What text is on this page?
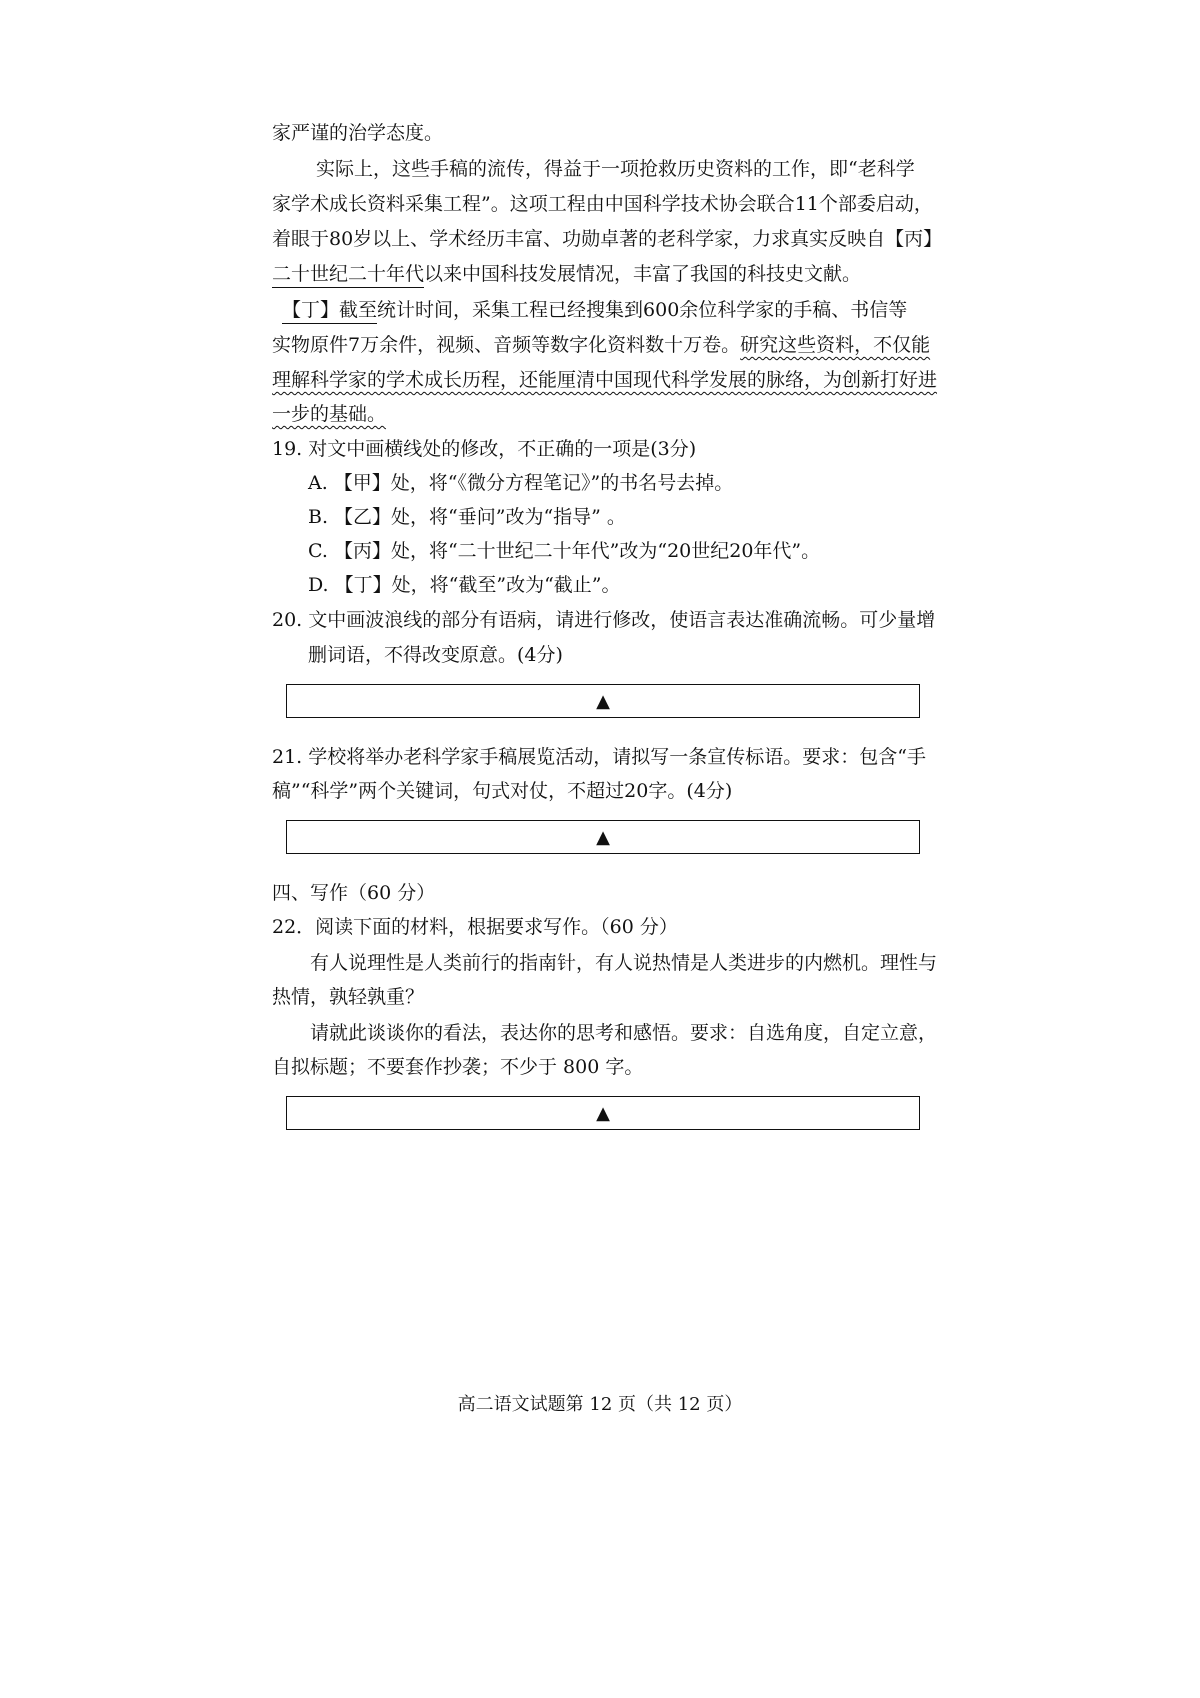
家严谨的治学态度。
实际上，这些手稿的流传，得益于一项抢救历史资料的工作，即“老科学
家学术成长资料采集工程”。这项工程由中国科学技术协会联合11个部委启动，
着眼于80岁以上、学术经历丰富、功勋卓著的老科学家，力求真实反映自【丙】
二十世纪二十年代以来中国科技发展情况，丰富了我国的科技史文献。
【丁】截至统计时间，采集工程已经搜集到600余位科学家的手稿、书信等
实物原件7万余件，视频、音频等数字化资料数十万卷。研究这些资料，不仅能
理解科学家的学术成长历程，还能厘清中国现代科学发展的脉络，为创新打好进
一步的基础。
19. 对文中画横线处的修改，不正确的一项是(3分)
A. 【甲】处，将“《微分方程笔记》”的书名号去掉。
B. 【乙】处，将“垂问”改为“指导” 。
C. 【丙】处，将“二十世纪二十年代”改为“20世纪20年代”。
D. 【丁】处，将“截至”改为“截止”。
20. 文中画波浪线的部分有语病，请进行修改，使语言表达准确流畅。可少量增
删词语，不得改变原意。(4分)
▲
21. 学校将举办老科学家手稿展览活动，请拟写一条宣传标语。要求：包含“手
稿”“科学”两个关键词，句式对仗，不超过20字。(4分)
▲
四、写作（60 分）
22．阅读下面的材料，根据要求写作。（60 分）
有人说理性是人类前行的指南针，有人说热情是人类进步的内燃机。理性与
热情，孰轻孰重？
请就此谈谈你的看法，表达你的思考和感悟。要求：自选角度，自定立意，
自拟标题；不要套作抄袭；不少于 800 字。
▲
高二语文试题第 12 页（共 12 页）
